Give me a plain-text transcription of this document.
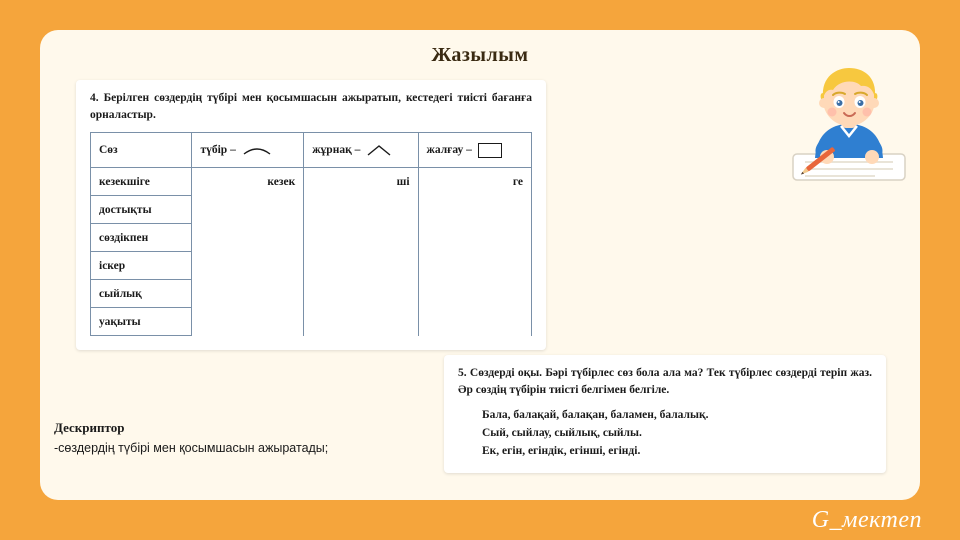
Жазылым
4. Берілген сөздердің түбірі мен қосымшасын ажыратып, кестедегі тиісті бағанға орналастыр.
Сөз	түбір –	жұрнақ –	жалғау –

кезекшіге	кезек	ші	ге
достықты			
сөздікпен			
іскер			
сыйлық			
уақыты			
5. Сөздерді оқы. Бәрі түбірлес сөз бола ала ма? Тек түбірлес сөздерді теріп жаз. Әр сөздің түбірін тиісті белгімен белгіле.
Бала, балақай, балақан, баламен, балалық.
Сый, сыйлау, сыйлық, сыйлы.
Ек, егін, егіндік, егінші, егінді.
Дескриптор
-сөздердің түбірі мен қосымшасын ажыратады;
G_мектеп
